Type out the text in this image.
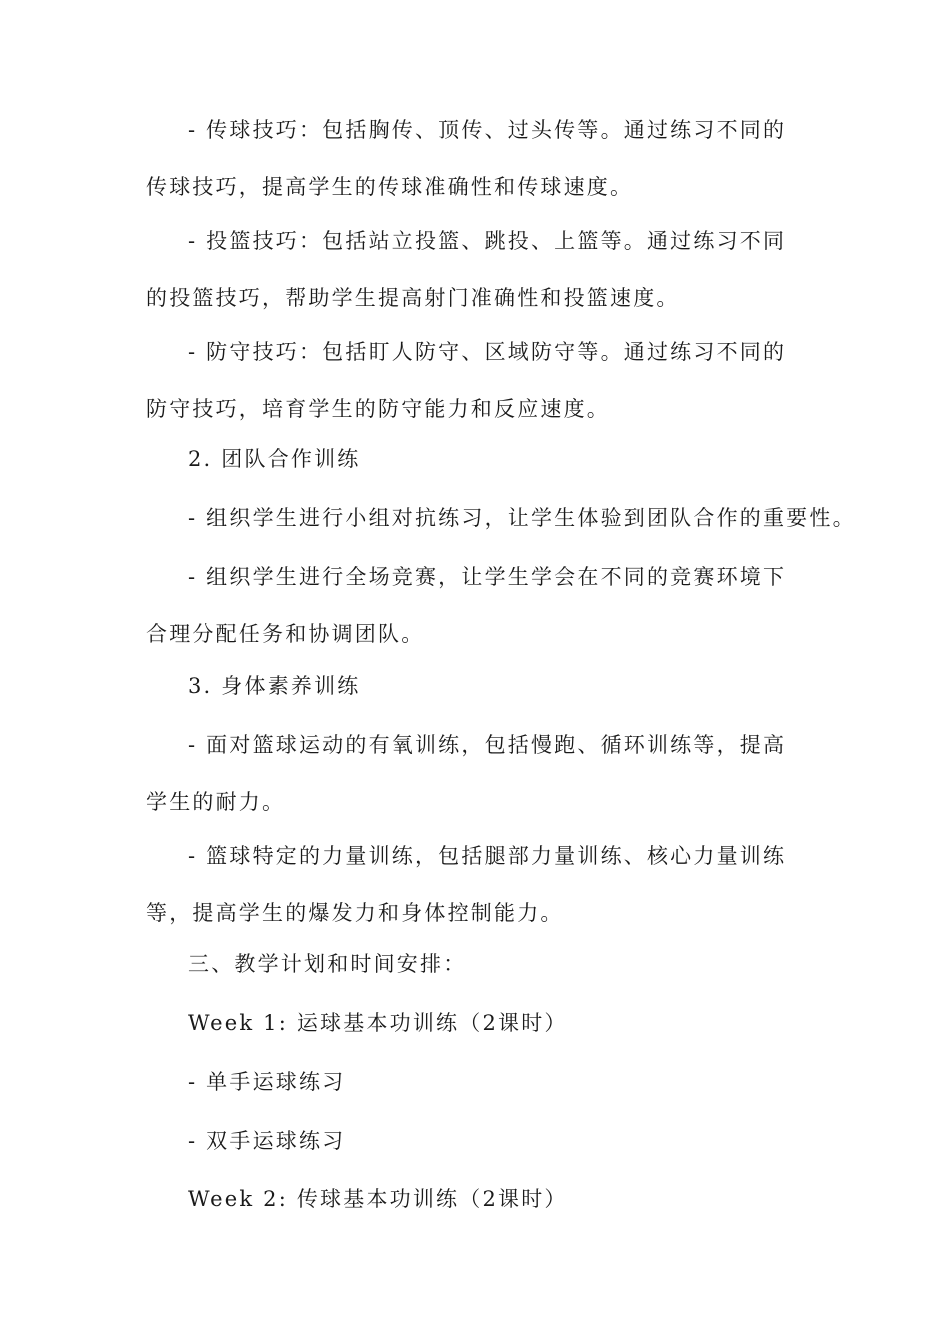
- 传球技巧：包括胸传、顶传、过头传等。通过练习不同的传球技巧，提高学生的传球准确性和传球速度。

- 投篮技巧：包括站立投篮、跳投、上篮等。通过练习不同的投篮技巧，帮助学生提高射门准确性和投篮速度。

- 防守技巧：包括盯人防守、区域防守等。通过练习不同的防守技巧，培育学生的防守能力和反应速度。

2. 团队合作训练

- 组织学生进行小组对抗练习，让学生体验到团队合作的重要性。

- 组织学生进行全场竞赛，让学生学会在不同的竞赛环境下合理分配任务和协调团队。

3. 身体素养训练

- 面对篮球运动的有氧训练，包括慢跑、循环训练等，提高学生的耐力。

- 篮球特定的力量训练，包括腿部力量训练、核心力量训练等，提高学生的爆发力和身体控制能力。

三、教学计划和时间安排：

Week 1: 运球基本功训练（2课时）

- 单手运球练习

- 双手运球练习

Week 2: 传球基本功训练（2课时）
